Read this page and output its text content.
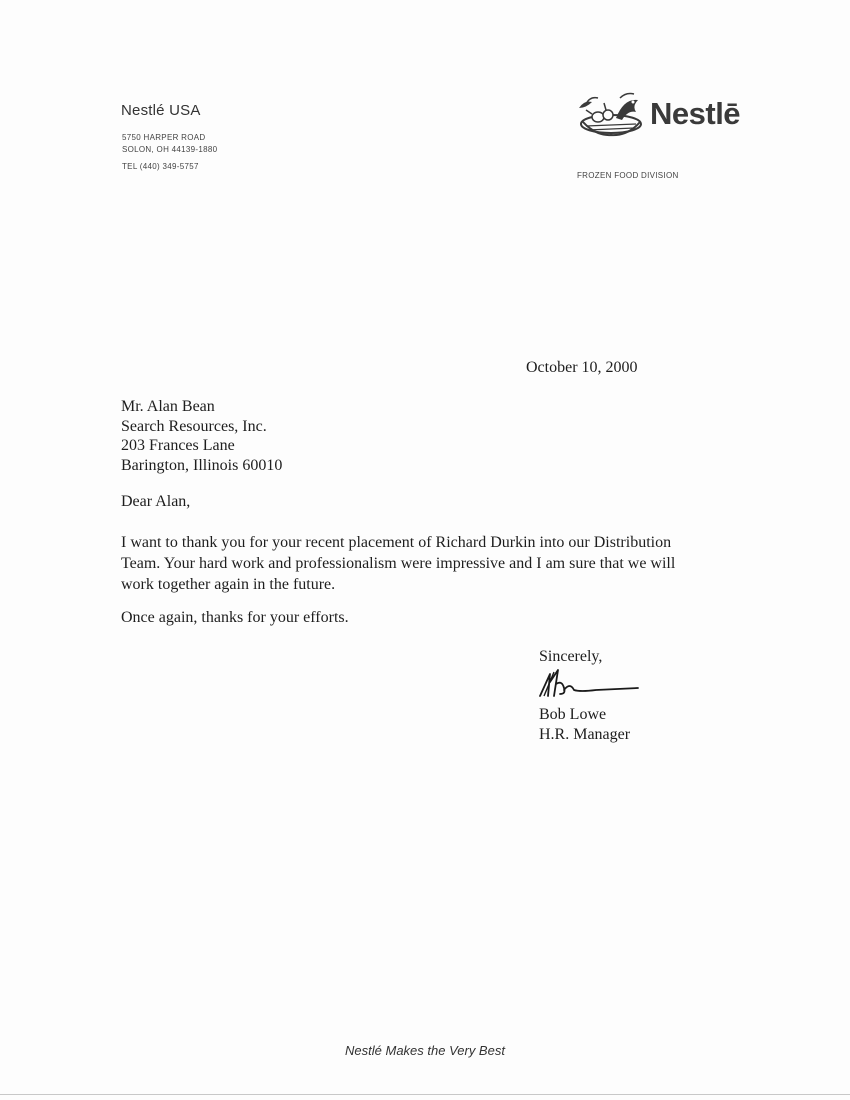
Nestlé USA
5750 HARPER ROAD
SOLON, OH 44139-1880
TEL (440) 349-5757
Nestlē
FROZEN FOOD DIVISION
October 10, 2000
Mr. Alan Bean
Search Resources, Inc.
203 Frances Lane
Barington, Illinois 60010
Dear Alan,
I want to thank you for your recent placement of Richard Durkin into our Distribution
Team. Your hard work and professionalism were impressive and I am sure that we will
work together again in the future.
Once again, thanks for your efforts.
Sincerely,
Bob Lowe
H.R. Manager
Nestlé Makes the Very Best
